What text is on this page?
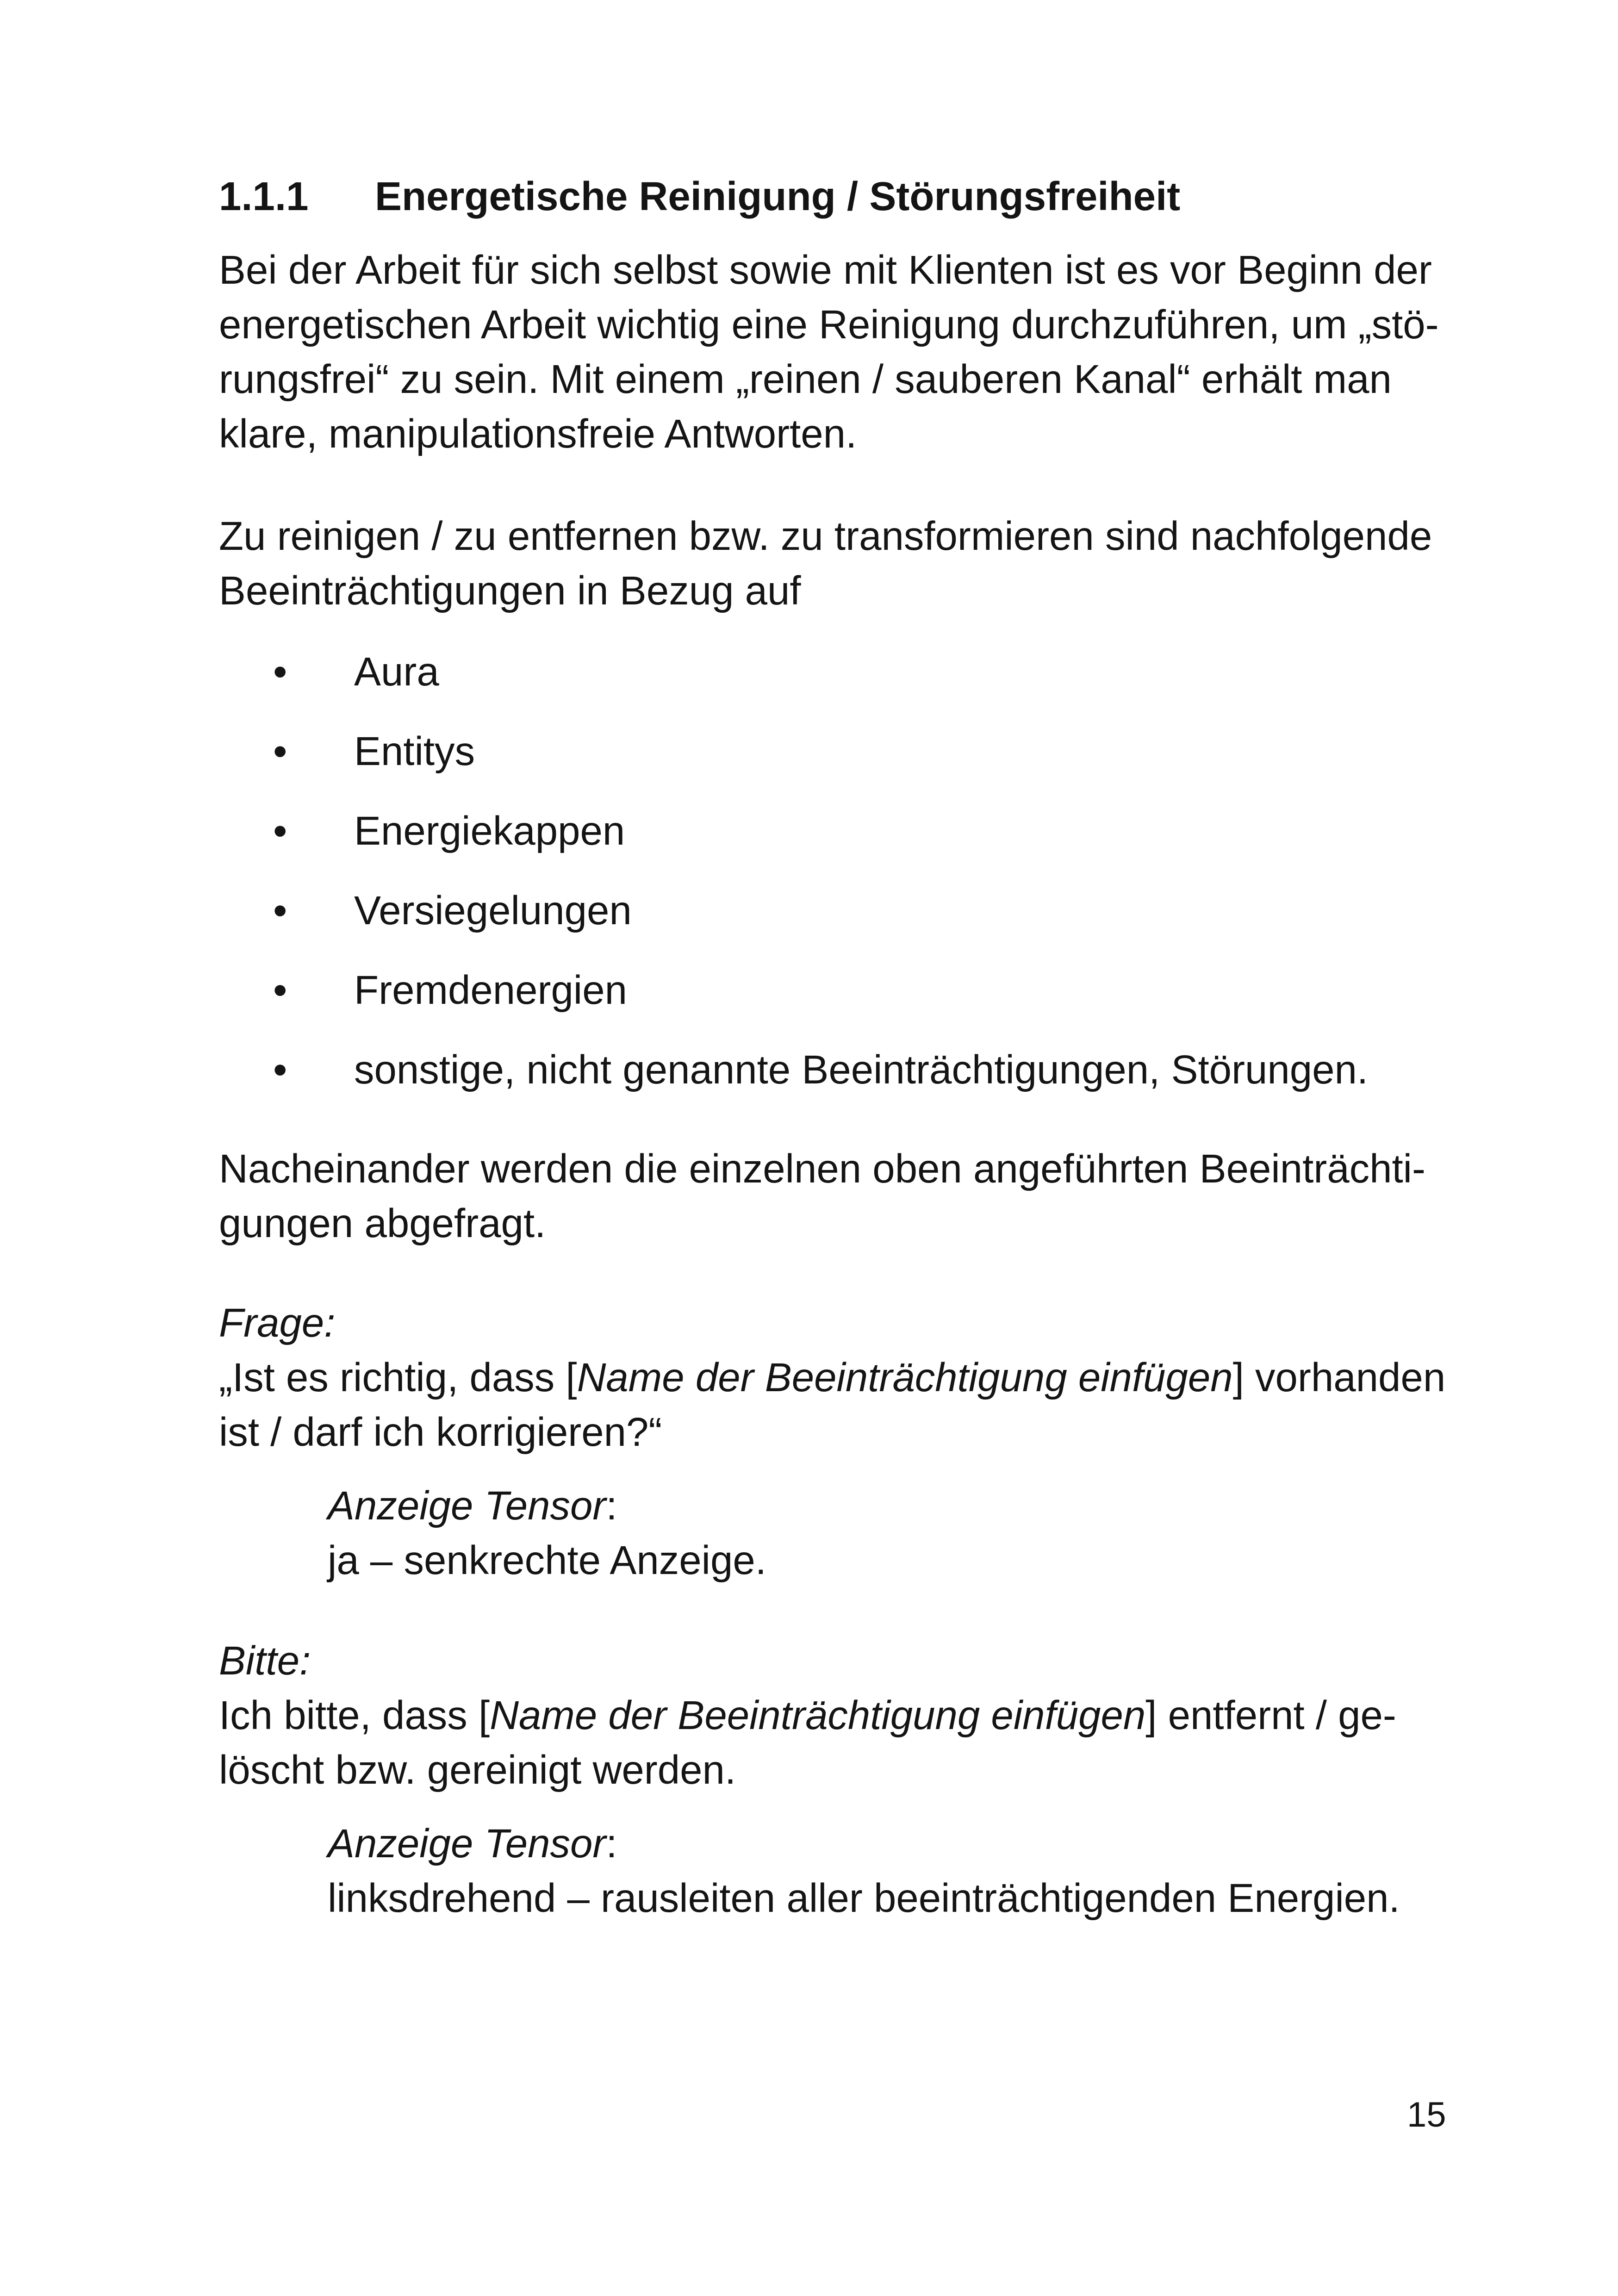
1.1.1 Energetische Reinigung / Störungsfreiheit

Bei der Arbeit für sich selbst sowie mit Klienten ist es vor Beginn der
energetischen Arbeit wichtig eine Reinigung durchzuführen, um „stö-
rungsfrei“ zu sein. Mit einem „reinen / sauberen Kanal“ erhält man
klare, manipulationsfreie Antworten.

Zu reinigen / zu entfernen bzw. zu transformieren sind nachfolgende
Beeinträchtigungen in Bezug auf

•	Aura
•	Entitys
•	Energiekappen
•	Versiegelungen
•	Fremdenergien
•	sonstige, nicht genannte Beeinträchtigungen, Störungen.

Nacheinander werden die einzelnen oben angeführten Beeinträchti-
gungen abgefragt.

Frage:
„Ist es richtig, dass [Name der Beeinträchtigung einfügen] vorhanden
ist / darf ich korrigieren?“

Anzeige Tensor:
ja – senkrechte Anzeige.

Bitte:
Ich bitte, dass [Name der Beeinträchtigung einfügen] entfernt / ge-
löscht bzw. gereinigt werden.

Anzeige Tensor:
linksdrehend – rausleiten aller beeinträchtigenden Energien.

15
